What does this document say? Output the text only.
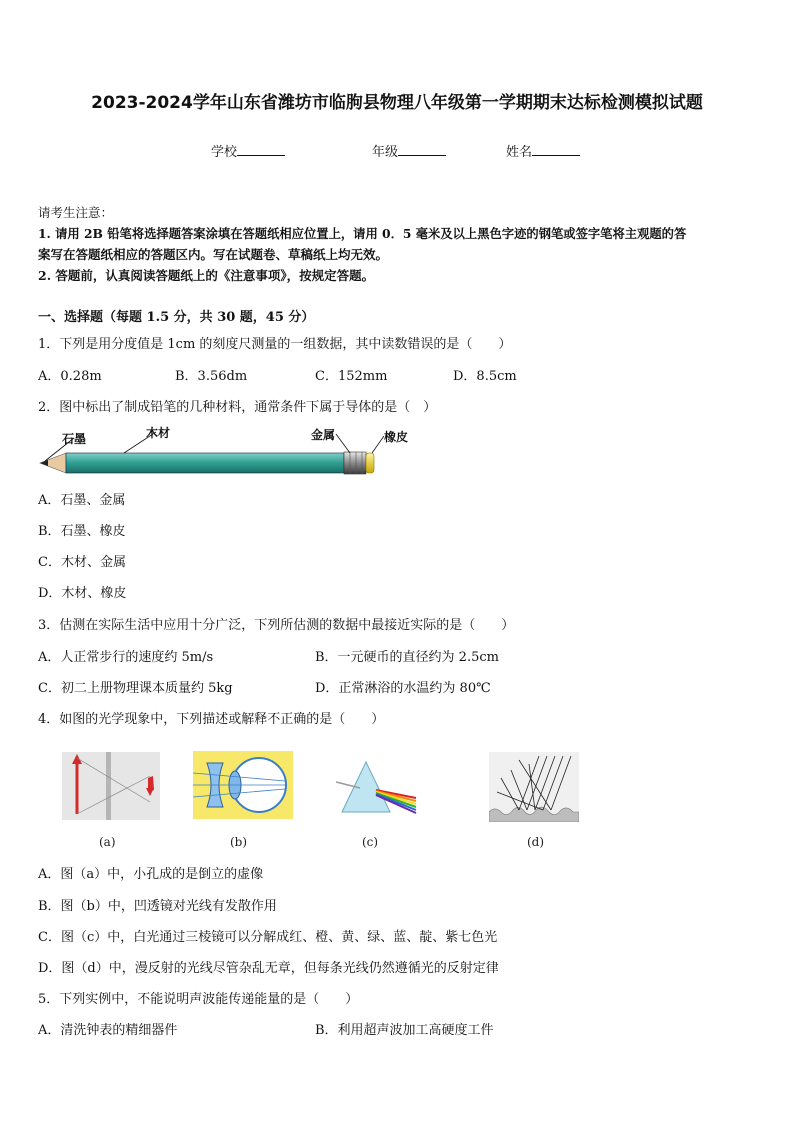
2023-2024学年山东省潍坊市临朐县物理八年级第一学期期末达标检测模拟试题
学校	年级	姓名
请考生注意：
1. 请用 2B 铅笔将选择题答案涂填在答题纸相应位置上，请用 0．5 毫米及以上黑色字迹的钢笔或签字笔将主观题的答
案写在答题纸相应的答题区内。写在试题卷、草稿纸上均无效。
2. 答题前，认真阅读答题纸上的《注意事项》，按规定答题。
一、选择题（每题 1.5 分，共 30 题，45 分）
1．下列是用分度值是 1cm 的刻度尺测量的一组数据，其中读数错误的是（　　）
A．0.28m	B．3.56dm	C．152mm	D．8.5cm
2．图中标出了制成铅笔的几种材料，通常条件下属于导体的是（　）
石墨	木材	金属	橡皮
A．石墨、金属
B．石墨、橡皮
C．木材、金属
D．木材、橡皮
3．估测在实际生活中应用十分广泛，下列所估测的数据中最接近实际的是（　　）
A．人正常步行的速度约 5m/s	B．一元硬币的直径约为 2.5cm
C．初二上册物理课本质量约 5kg	D．正常淋浴的水温约为 80℃
4．如图的光学现象中，下列描述或解释不正确的是（　　）
(a)	(b)	(c)	(d)
A．图（a）中，小孔成的是倒立的虚像
B．图（b）中，凹透镜对光线有发散作用
C．图（c）中，白光通过三棱镜可以分解成红、橙、黄、绿、蓝、靛、紫七色光
D．图（d）中，漫反射的光线尽管杂乱无章，但每条光线仍然遵循光的反射定律
5．下列实例中，不能说明声波能传递能量的是（　　）
A．清洗钟表的精细器件	B．利用超声波加工高硬度工件
